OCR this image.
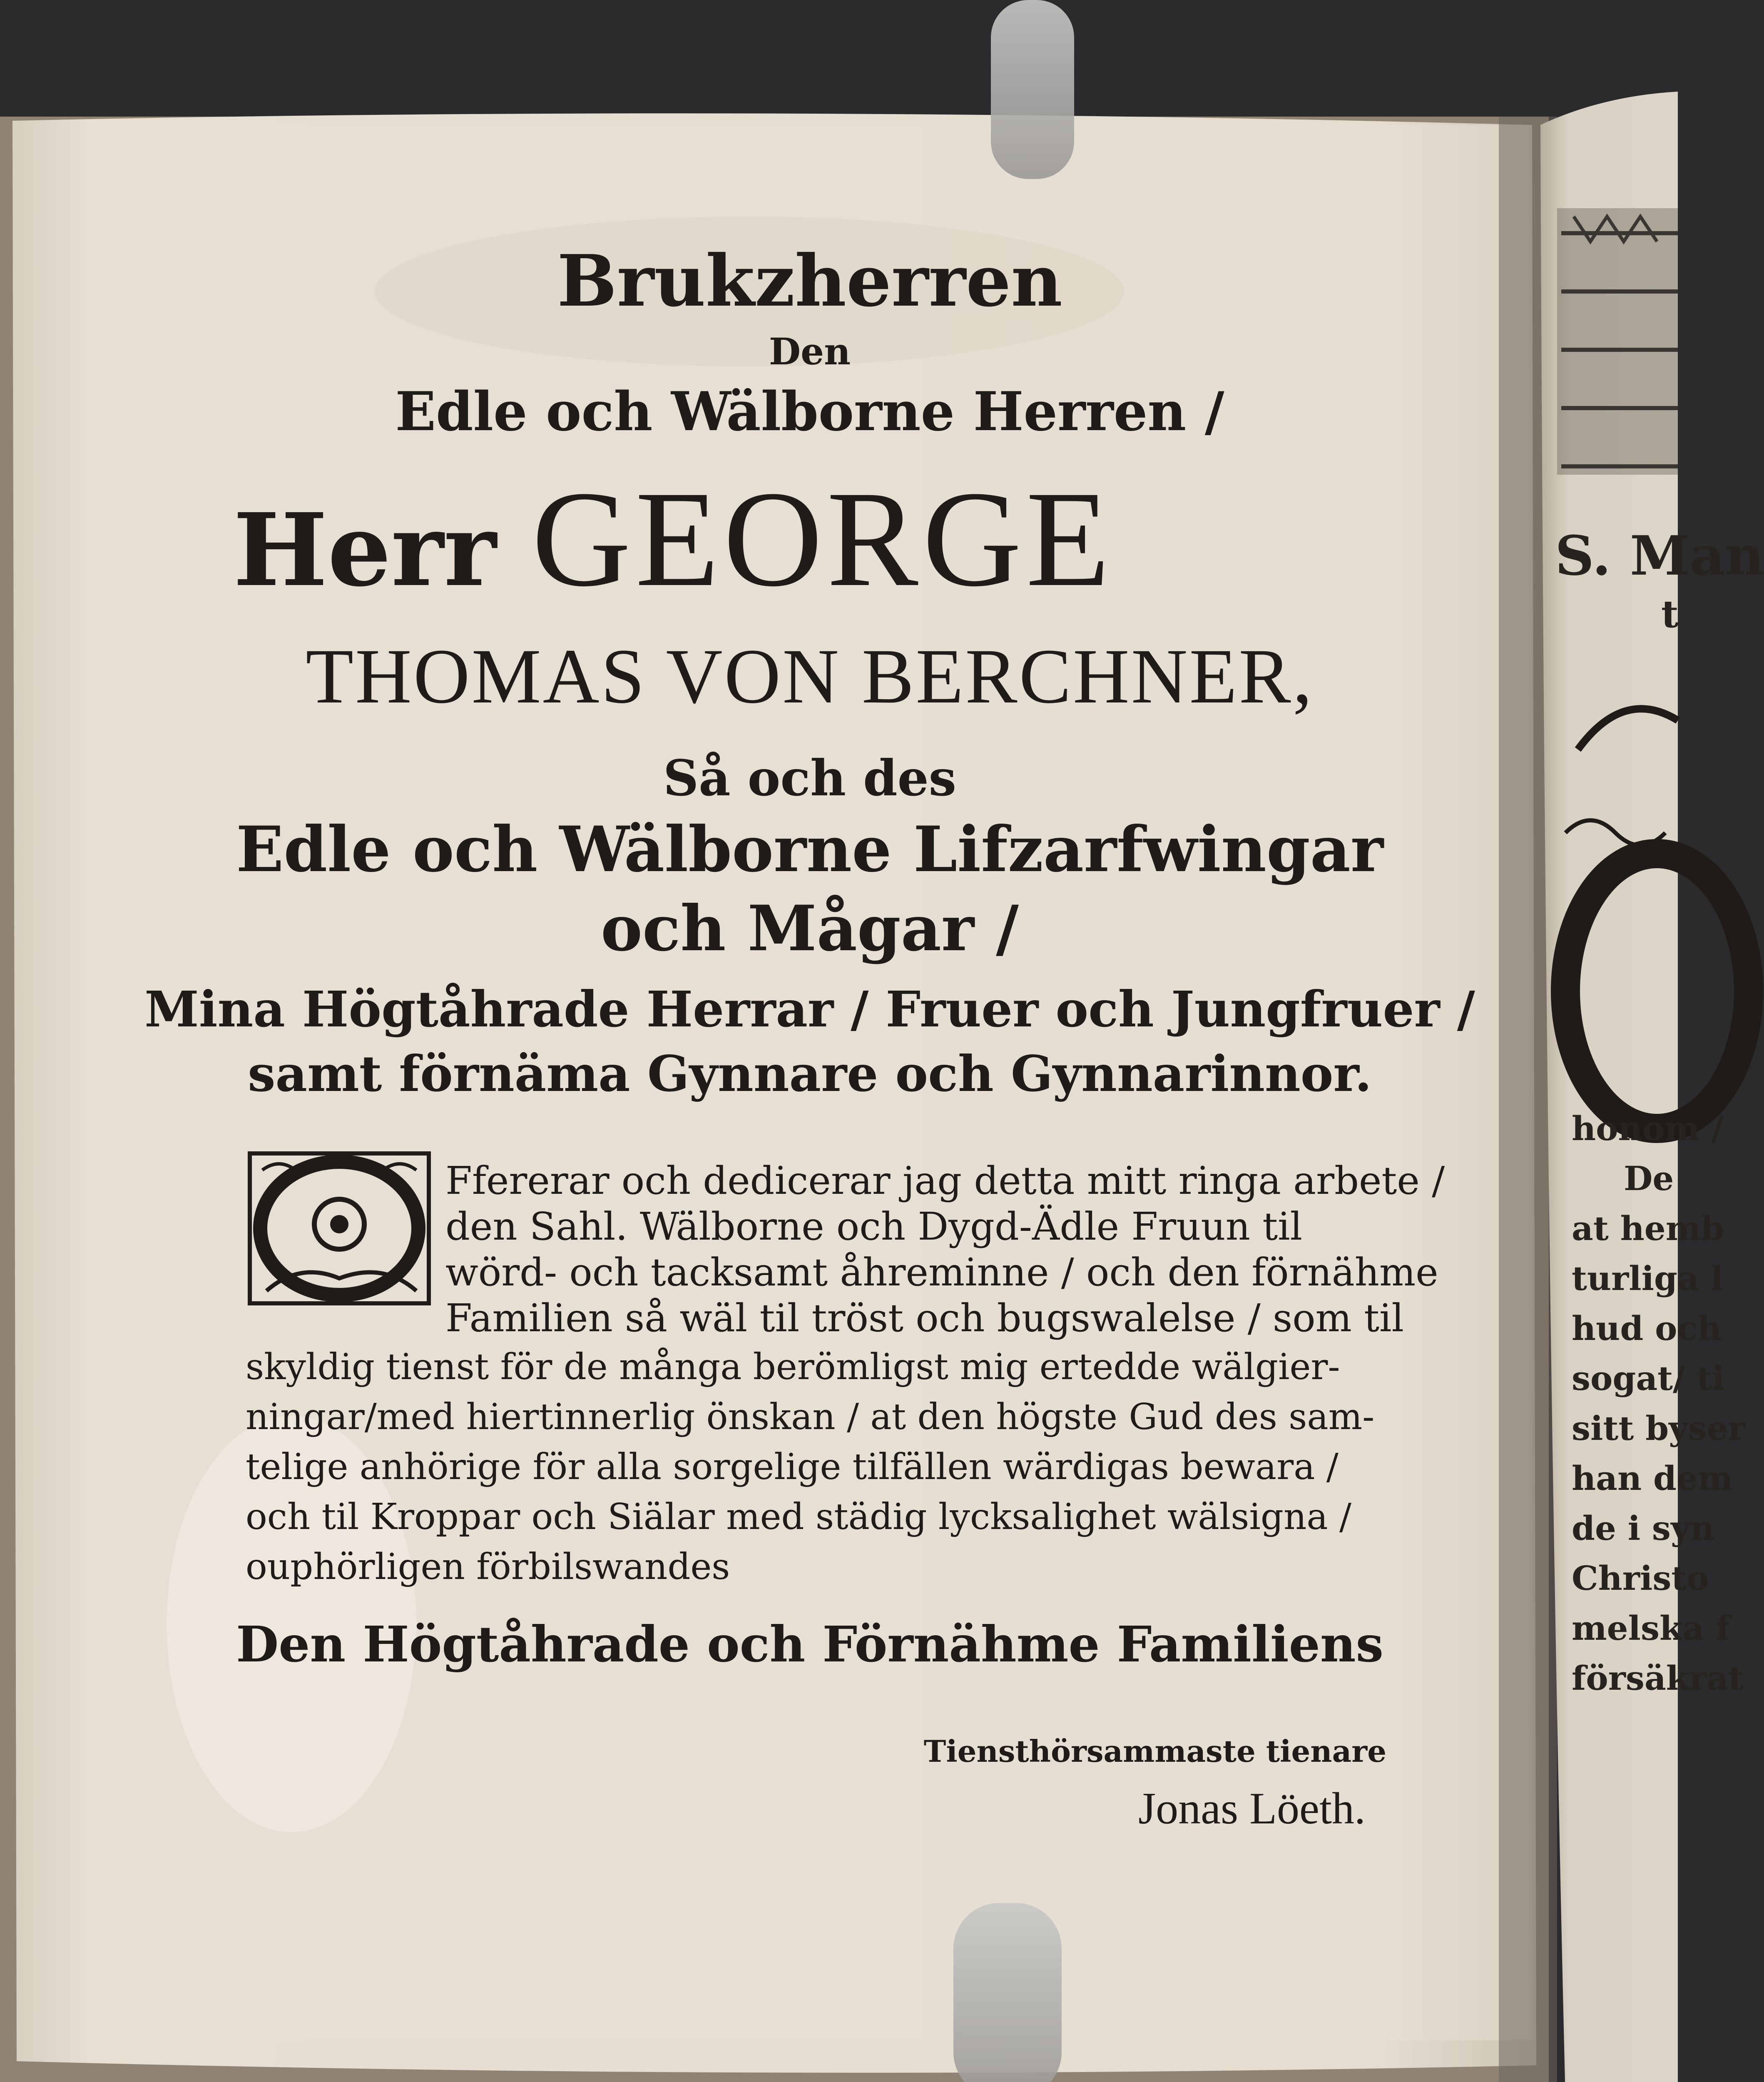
Brukzherren
Den
Edle och Wälborne Herren /
Herr GEORGE
THOMAS VON BERCHNER,
Så och des
Edle och Wälborne Lifzarfwingar
och Mågar /
Mina Högtåhrade Herrar / Fruer och Jungfruer /
samt förnäma Gynnare och Gynnarinnor.
Ffererar och dedicerar jag detta mitt ringa arbete /
den Sahl. Wälborne och Dygd-Ädle Fruun til
wörd- och tacksamt åhreminne / och den förnähme
Familien så wäl til tröst och bugswalelse / som til
skyldig tienst för de många berömligst mig ertedde wälgier-
ningar/med hiertinnerlig önskan / at den högste Gud des sam-
telige anhörige för alla sorgelige tilfällen wärdigas bewara /
och til Kroppar och Siälar med städig lycksalighet wälsigna /
ouphörligen förbilswandes
Den Högtåhrade och Förnähme Familiens
Tiensthörsammaste tienare
Jonas Löeth.
S. Man
t
honom /
De
at hemb
turliga l
hud och
sogat/ ti
sitt byser
han dem
de i syn
Christo
melska f
försäkrat
